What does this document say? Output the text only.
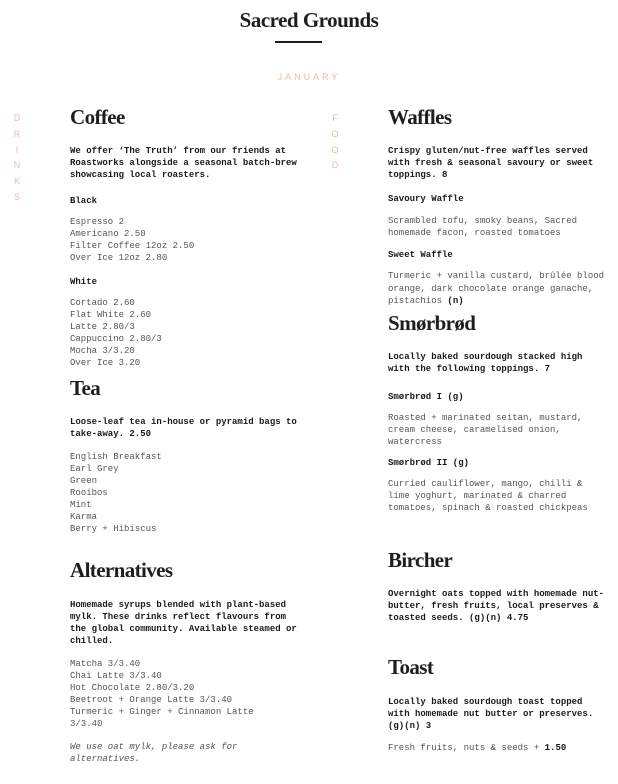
Sacred Grounds
JANUARY
D
R
I
N
K
S
F
O
O
D
Coffee

We offer ‘The Truth’ from our friends at Roastworks alongside a seasonal batch-brew showcasing local roasters.

Black

Espresso 2
Americano 2.50
Filter Coffee 12oz 2.50
Over Ice 12oz 2.80

White

Cortado 2.60
Flat White 2.60
Latte 2.80/3
Cappuccino 2.80/3
Mocha 3/3.20
Over Ice 3.20
Tea

Loose-leaf tea in-house or pyramid bags to take-away. 2.50

English Breakfast
Earl Grey
Green
Rooibos
Mint
Karma
Berry + Hibiscus
Alternatives

Homemade syrups blended with plant-based mylk. These drinks reflect flavours from the global community. Available steamed or chilled.

Matcha 3/3.40
Chai Latte 3/3.40
Hot Chocolate 2.80/3.20
Beetroot + Orange Latte 3/3.40
Turmeric + Ginger + Cinnamon Latte
3/3.40

We use oat mylk, please ask for alternatives.

Waffles

Crispy gluten/nut-free waffles served with fresh & seasonal savoury or sweet toppings. 8

Savoury Waffle

Scrambled tofu, smoky beans, Sacred homemade facon, roasted tomatoes

Sweet Waffle

Turmeric + vanilla custard, brûlée blood orange, dark chocolate orange ganache, pistachios (n)

Smørbrød

Locally baked sourdough stacked high with the following toppings. 7

Smørbrød I (g)

Roasted + marinated seitan, mustard, cream cheese, caramelised onion, watercress

Smørbrød II (g)

Curried cauliflower, mango, chilli & lime yoghurt, marinated & charred tomatoes, spinach & roasted chickpeas

Bircher

Overnight oats topped with homemade nut-butter, fresh fruits, local preserves & toasted seeds. (g)(n) 4.75

Toast

Locally baked sourdough toast topped with homemade nut butter or preserves. (g)(n) 3

Fresh fruits, nuts & seeds + 1.50
